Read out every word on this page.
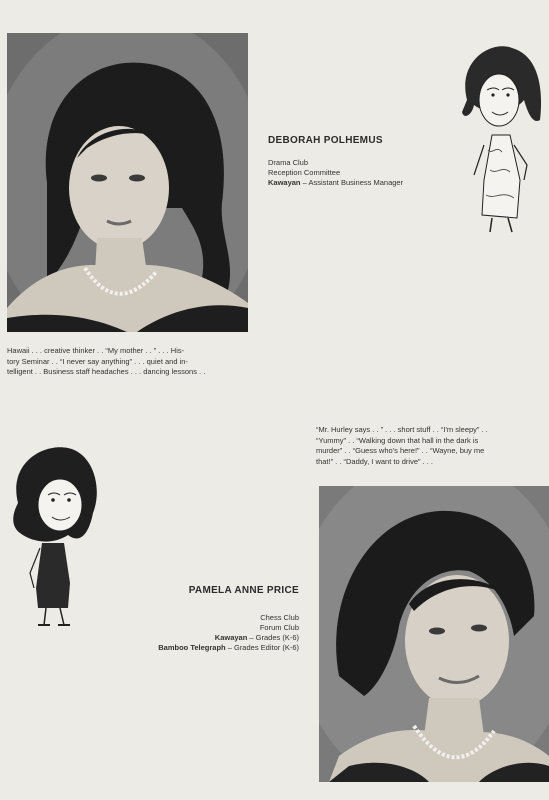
DEBORAH POLHEMUS
Drama Club
Reception Committee
Kawayan – Assistant Business Manager
Hawaii . . . creative thinker . . “My mother . . ” . . . His-
tory Seminar . . “I never say anything” . . . quiet and in-
telligent . . Business staff headaches . . . dancing lessons . .
“Mr. Hurley says . . ” . . . short stuff . . “I'm sleepy” . .
“Yummy” . . “Walking down that hall in the dark is
murder” . . “Guess who's here!” . . “Wayne, buy me
that!” . . “Daddy, I want to drive” . . .
PAMELA ANNE PRICE
Chess Club
Forum Club
Kawayan – Grades (K-6)
Bamboo Telegraph – Grades Editor (K-6)
